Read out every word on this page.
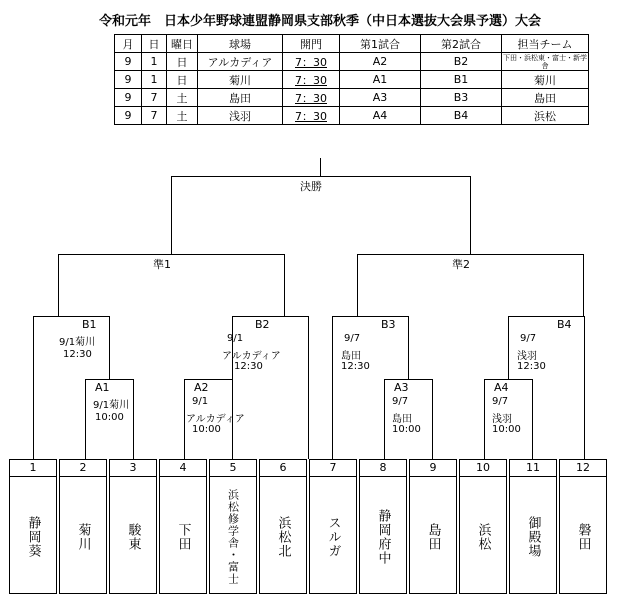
令和元年　日本少年野球連盟静岡県支部秋季（中日本選抜大会県予選）大会
月	日	曜日	球場	開門	第1試合	第2試合	担当チーム
9	1	日	アルカディア	7：30	A2	B2	下田・浜松東・富士・新学舎

9	1	日	菊川	7：30	A1	B1	菊川
9	7	土	島田	7：30	A3	B3	島田
9	7	土	浅羽	7：30	A4	B4	浜松
決勝
準1	準2
B1
9/1菊川
12:30
A1
9/1菊川
10:00
B2
9/1
アルカディア
12:30
A2
9/1
アルカディア
10:00
B3
9/7
島田
12:30
A3
9/7
島田
10:00
B4
9/7
浅羽
12:30
A4
9/7
浅羽
10:00
1
静岡葵
2
菊川
3
駿東
4
下田
5
浜松修学舎・富士
6
浜松北
7
スルガ
8
静岡府中
9
島田
10
浜松
11
御殿場
12
磐田
